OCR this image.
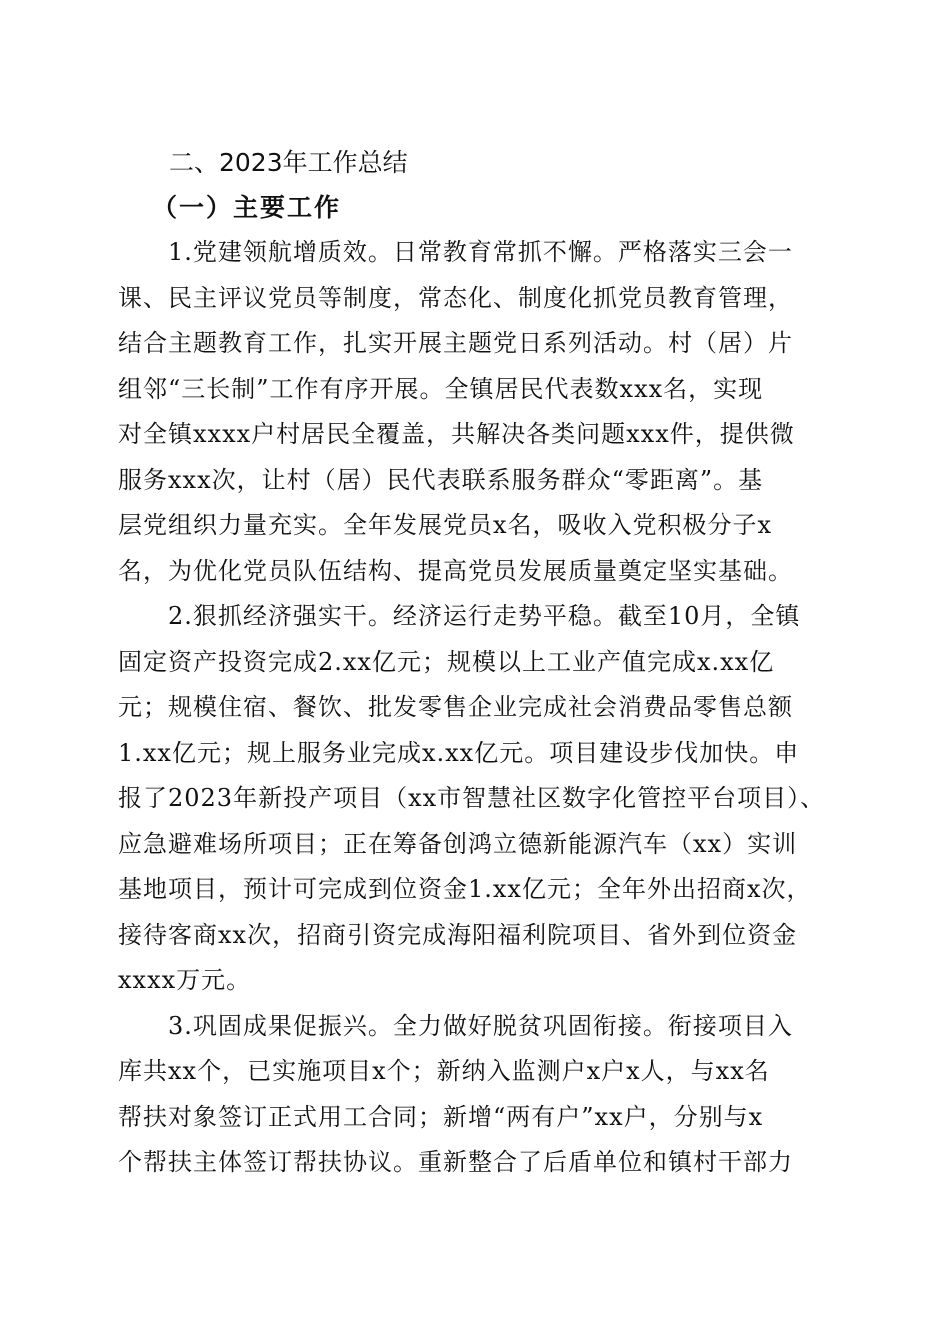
二、2023年工作总结
（一）主要工作

　　1.党建领航增质效。日常教育常抓不懈。严格落实三会一
课、民主评议党员等制度，常态化、制度化抓党员教育管理，
结合主题教育工作，扎实开展主题党日系列活动。村（居）片
组邻“三长制”工作有序开展。全镇居民代表数xxx名，实现
对全镇xxxx户村居民全覆盖，共解决各类问题xxx件，提供微
服务xxx次，让村（居）民代表联系服务群众“零距离”。基
层党组织力量充实。全年发展党员x名，吸收入党积极分子x
名，为优化党员队伍结构、提高党员发展质量奠定坚实基础。

　　2.狠抓经济强实干。经济运行走势平稳。截至10月，全镇
固定资产投资完成2.xx亿元；规模以上工业产值完成x.xx亿
元；规模住宿、餐饮、批发零售企业完成社会消费品零售总额
1.xx亿元；规上服务业完成x.xx亿元。项目建设步伐加快。申
报了2023年新投产项目（xx市智慧社区数字化管控平台项目）、
应急避难场所项目；正在筹备创鸿立德新能源汽车（xx）实训
基地项目，预计可完成到位资金1.xx亿元；全年外出招商x次，
接待客商xx次，招商引资完成海阳福利院项目、省外到位资金
xxxx万元。

　　3.巩固成果促振兴。全力做好脱贫巩固衔接。衔接项目入
库共xx个，已实施项目x个；新纳入监测户x户x人，与xx名
帮扶对象签订正式用工合同；新增“两有户”xx户，分别与x
个帮扶主体签订帮扶协议。重新整合了后盾单位和镇村干部力
